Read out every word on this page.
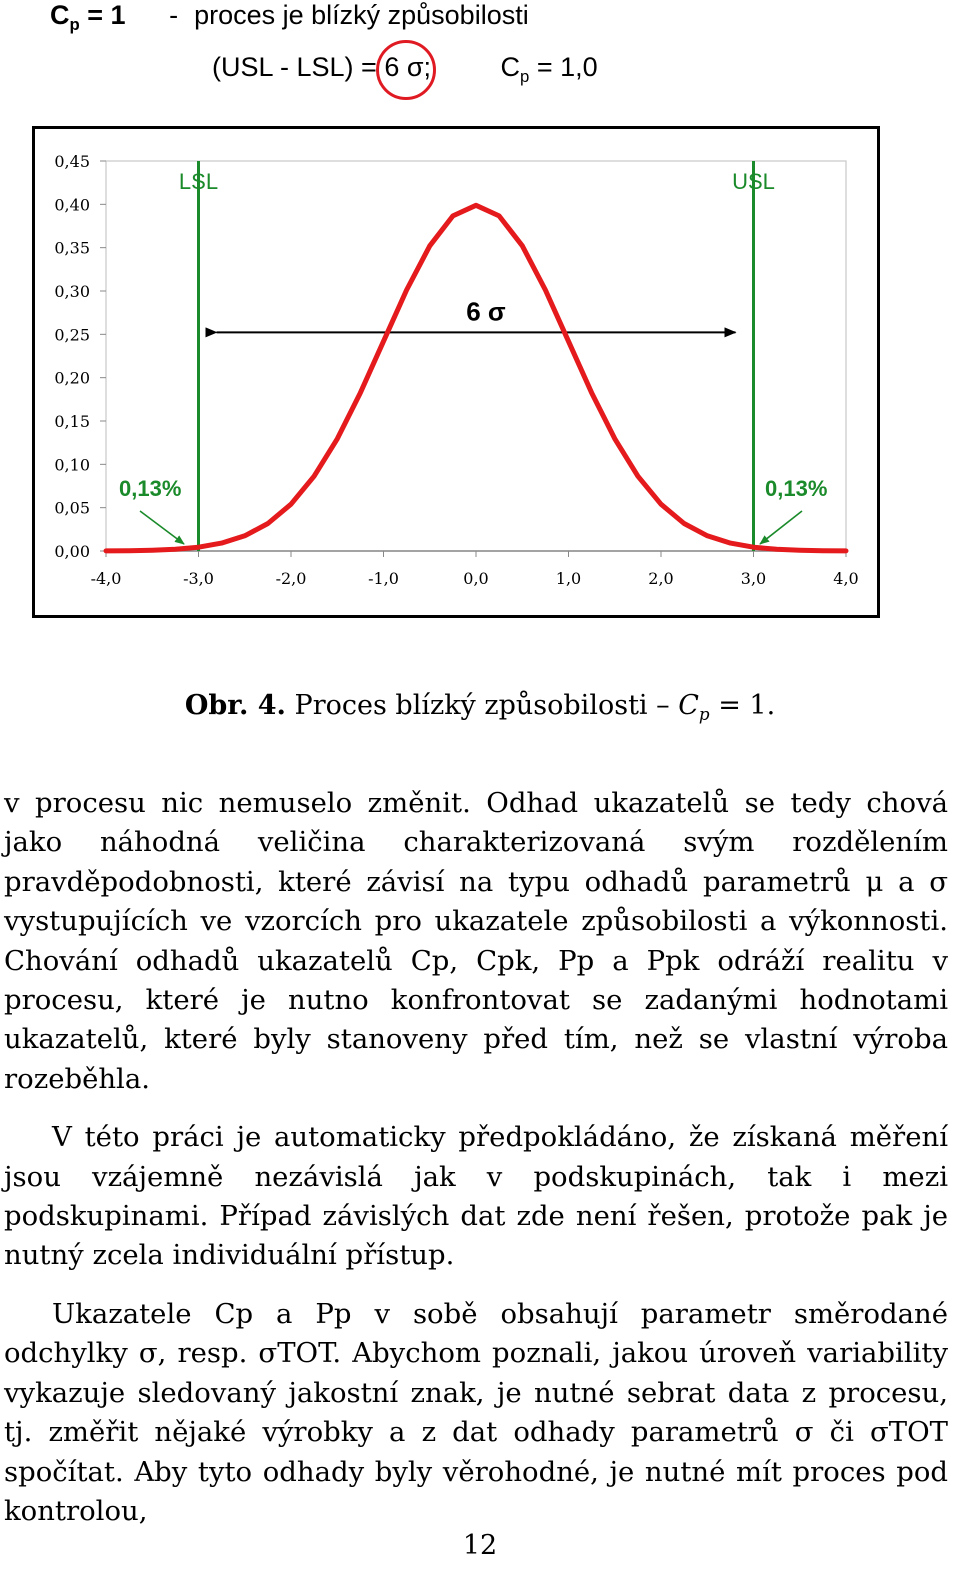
$C_p = 1$ - proces je blízký způsobilosti
(USL - LSL) = 6 σ
;	$C_p = 1,0$
0,00
0,05
0,10
0,15
0,20
0,25
0,30
0,35
0,40
0,45
-4,0	-3,0	-2,0	-1,0	0,0	1,0	2,0	3,0	4,0
LSL	USL
6 σ
0,13%	0,13%
Obr. 4. Proces blízký způsobilosti – $C_p = 1$.

v procesu nic nemuselo změnit. Odhad ukazatelů se tedy chová jako náhodná veličina charakterizovaná svým rozdělením pravděpodobnosti, které závisí na typu odhadů parametrů μ a σ vystupujících ve vzorcích pro ukazatele způsobilosti a výkonnosti. Chování odhadů ukazatelů Cp, Cpk, Pp a Ppk odráží realitu v procesu, které je nutno konfrontovat se zadanými hodnotami ukazatelů, které byly stanoveny před tím, než se vlastní výroba rozeběhla.

V této práci je automaticky předpokládáno, že získaná měření jsou vzájemně nezávislá jak v podskupinách, tak i mezi podskupinami. Případ závislých dat zde není řešen, protože pak je nutný zcela individuální přístup.

Ukazatele Cp a Pp v sobě obsahují parametr směrodané odchylky σ, resp. σTOT. Abychom poznali, jakou úroveň variability vykazuje sledovaný jakostní znak, je nutné sebrat data z procesu, tj. změřit nějaké výrobky a z dat odhady parametrů σ či σTOT spočítat. Aby tyto odhady byly věrohodné, je nutné mít proces pod kontrolou,

12
